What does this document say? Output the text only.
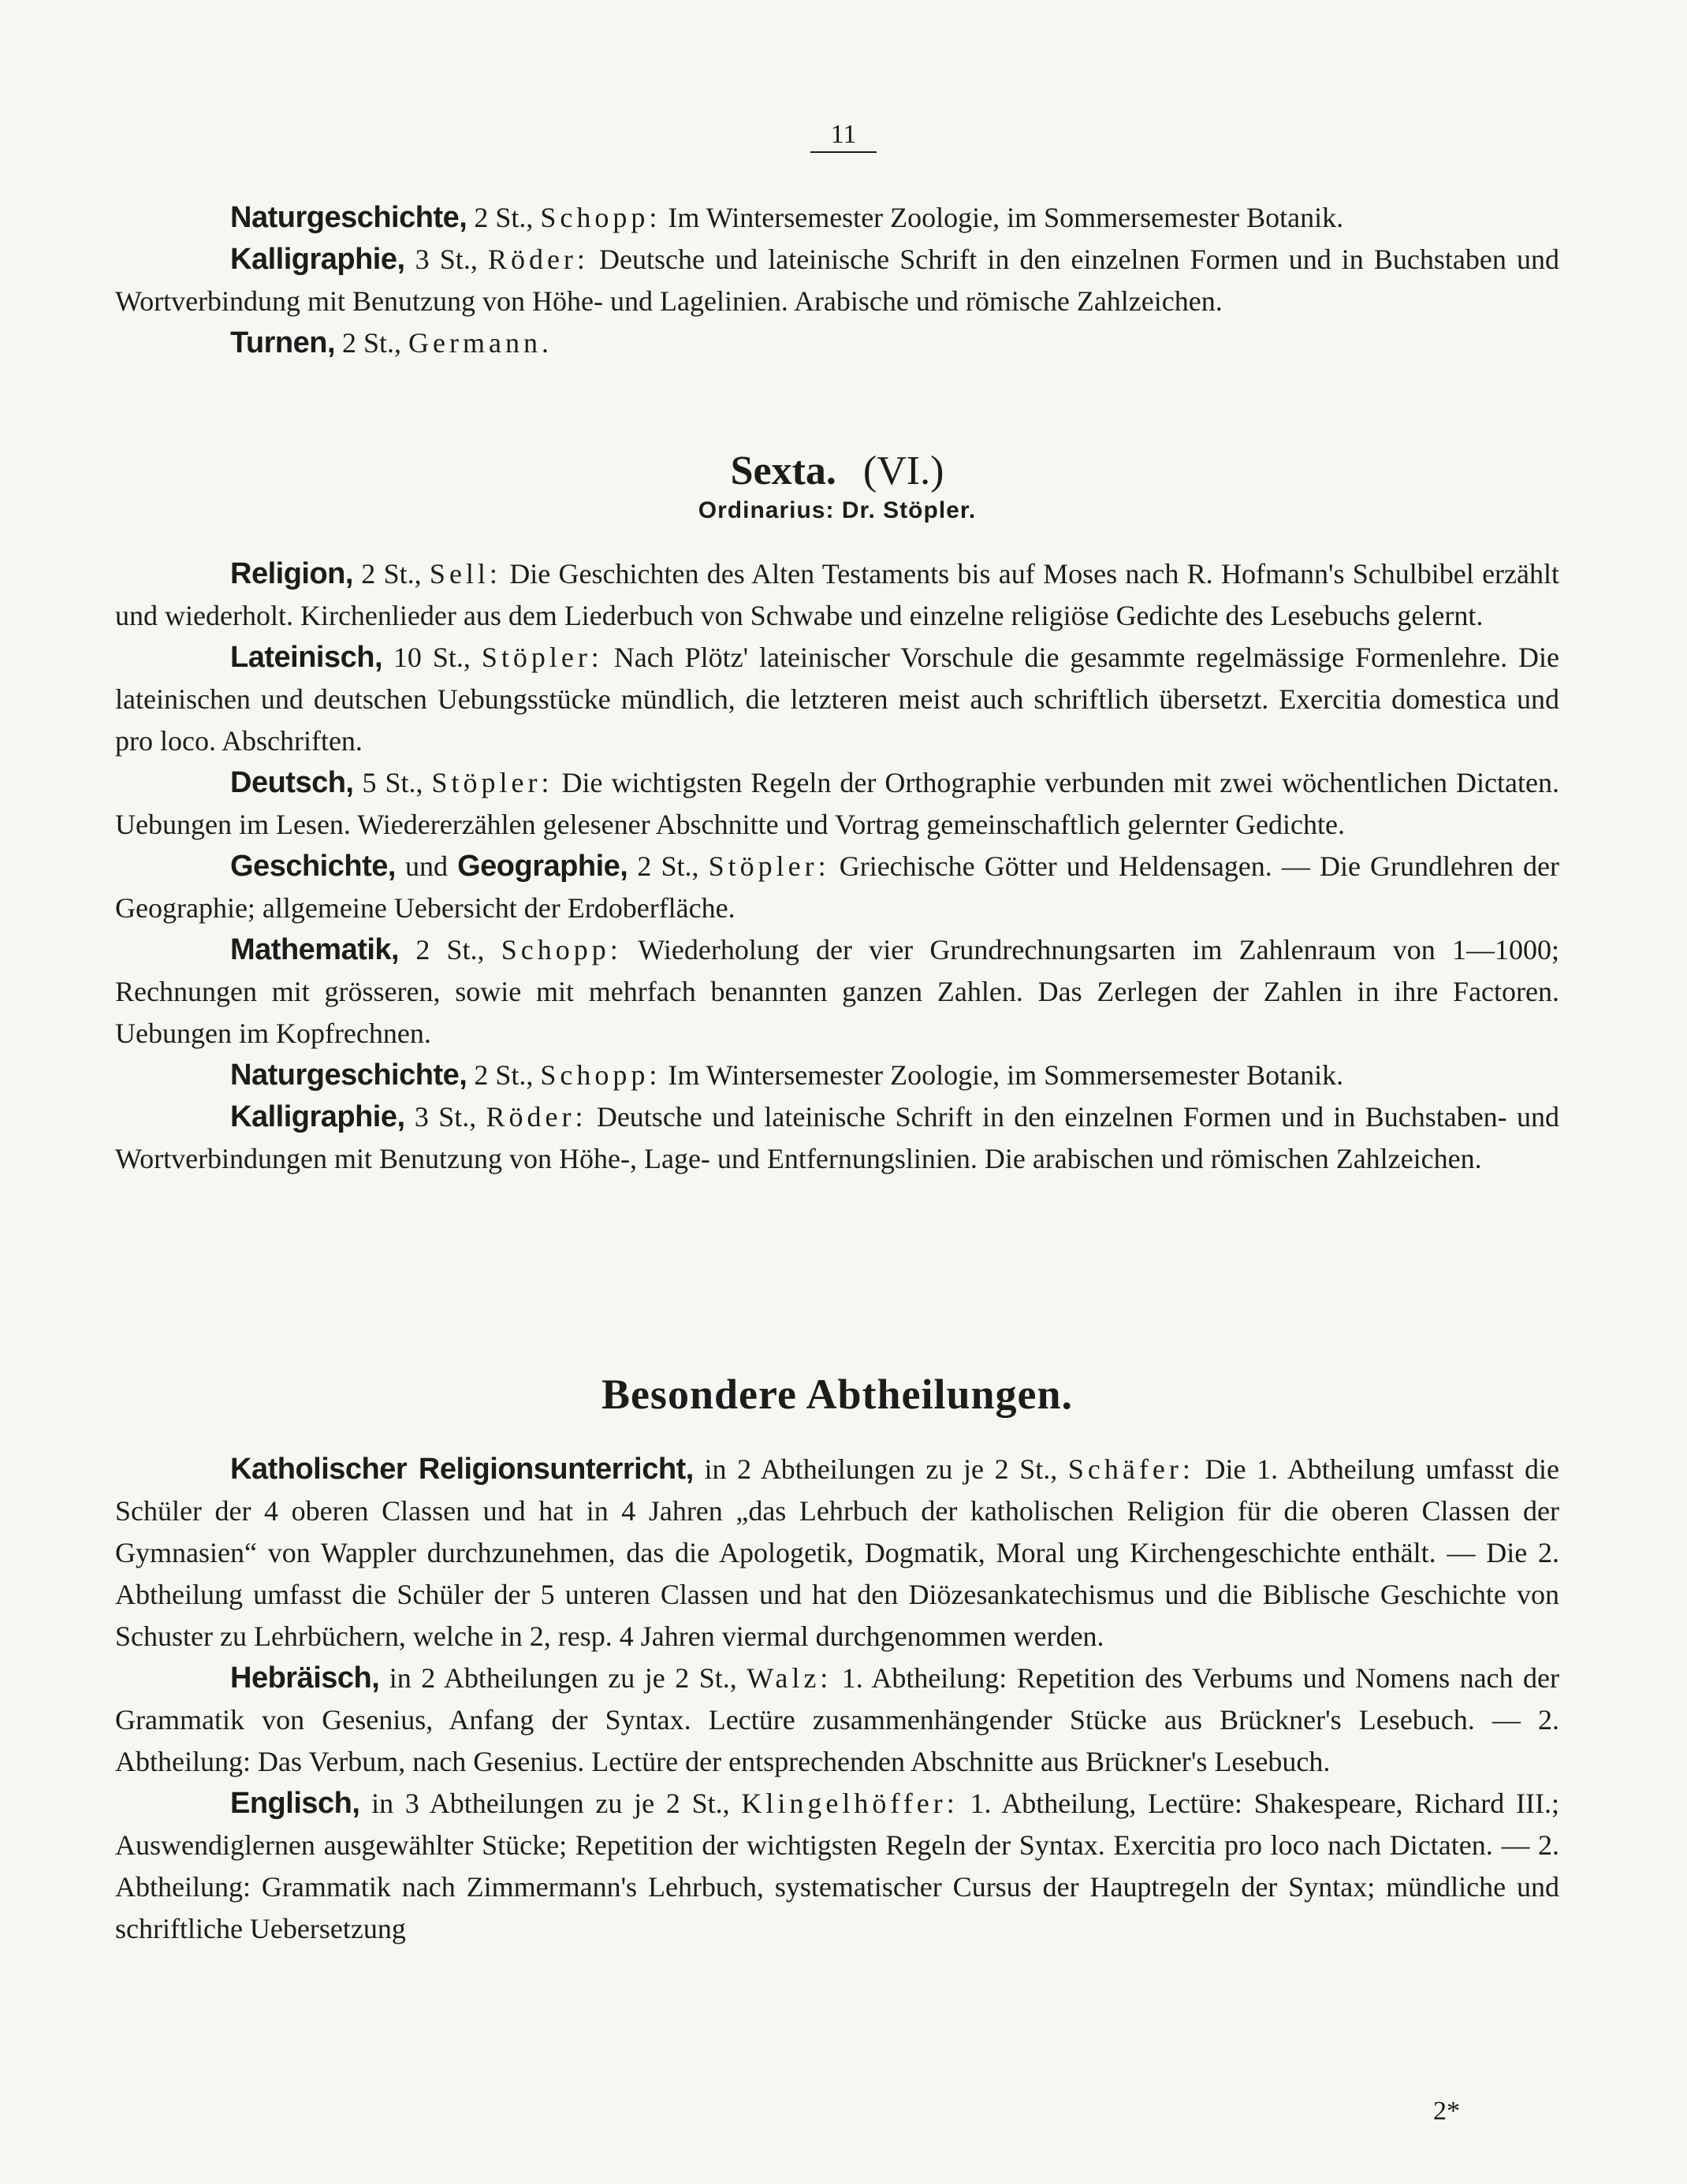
11

Naturgeschichte, 2 St., Schopp: Im Wintersemester Zoologie, im Sommersemester Botanik.

Kalligraphie, 3 St., Röder: Deutsche und lateinische Schrift in den einzelnen Formen und in Buchstaben und Wortverbindung mit Benutzung von Höhe- und Lagelinien. Arabische und römische Zahlzeichen.

Turnen, 2 St., Germann.

Sexta. (VI.)

Ordinarius: Dr. Stöpler.

Religion, 2 St., Sell: Die Geschichten des Alten Testaments bis auf Moses nach R. Hofmann's Schulbibel erzählt und wiederholt. Kirchenlieder aus dem Liederbuch von Schwabe und einzelne religiöse Gedichte des Lesebuchs gelernt.

Lateinisch, 10 St., Stöpler: Nach Plötz' lateinischer Vorschule die gesammte regelmässige Formenlehre. Die lateinischen und deutschen Uebungsstücke mündlich, die letzteren meist auch schriftlich übersetzt. Exercitia domestica und pro loco. Abschriften.

Deutsch, 5 St., Stöpler: Die wichtigsten Regeln der Orthographie verbunden mit zwei wöchentlichen Dictaten. Uebungen im Lesen. Wiedererzählen gelesener Abschnitte und Vortrag gemeinschaftlich gelernter Gedichte.

Geschichte, und Geographie, 2 St., Stöpler: Griechische Götter und Heldensagen. — Die Grundlehren der Geographie; allgemeine Uebersicht der Erdoberfläche.

Mathematik, 2 St., Schopp: Wiederholung der vier Grundrechnungsarten im Zahlenraum von 1—1000; Rechnungen mit grösseren, sowie mit mehrfach benannten ganzen Zahlen. Das Zerlegen der Zahlen in ihre Factoren. Uebungen im Kopfrechnen.

Naturgeschichte, 2 St., Schopp: Im Wintersemester Zoologie, im Sommersemester Botanik.

Kalligraphie, 3 St., Röder: Deutsche und lateinische Schrift in den einzelnen Formen und in Buchstaben- und Wortverbindungen mit Benutzung von Höhe-, Lage- und Entfernungslinien. Die arabischen und römischen Zahlzeichen.

Besondere Abtheilungen.

Katholischer Religionsunterricht, in 2 Abtheilungen zu je 2 St., Schäfer: Die 1. Abtheilung umfasst die Schüler der 4 oberen Classen und hat in 4 Jahren „das Lehrbuch der katholischen Religion für die oberen Classen der Gymnasien“ von Wappler durchzunehmen, das die Apologetik, Dogmatik, Moral ung Kirchengeschichte enthält. — Die 2. Abtheilung umfasst die Schüler der 5 unteren Classen und hat den Diözesankatechismus und die Biblische Geschichte von Schuster zu Lehrbüchern, welche in 2, resp. 4 Jahren viermal durchgenommen werden.

Hebräisch, in 2 Abtheilungen zu je 2 St., Walz: 1. Abtheilung: Repetition des Verbums und Nomens nach der Grammatik von Gesenius, Anfang der Syntax. Lectüre zusammenhängender Stücke aus Brückner's Lesebuch. — 2. Abtheilung: Das Verbum, nach Gesenius. Lectüre der entsprechenden Abschnitte aus Brückner's Lesebuch.

Englisch, in 3 Abtheilungen zu je 2 St., Klingelhöffer: 1. Abtheilung, Lectüre: Shakespeare, Richard III.; Auswendiglernen ausgewählter Stücke; Repetition der wichtigsten Regeln der Syntax. Exercitia pro loco nach Dictaten. — 2. Abtheilung: Grammatik nach Zimmermann's Lehrbuch, systematischer Cursus der Hauptregeln der Syntax; mündliche und schriftliche Uebersetzung

2*
